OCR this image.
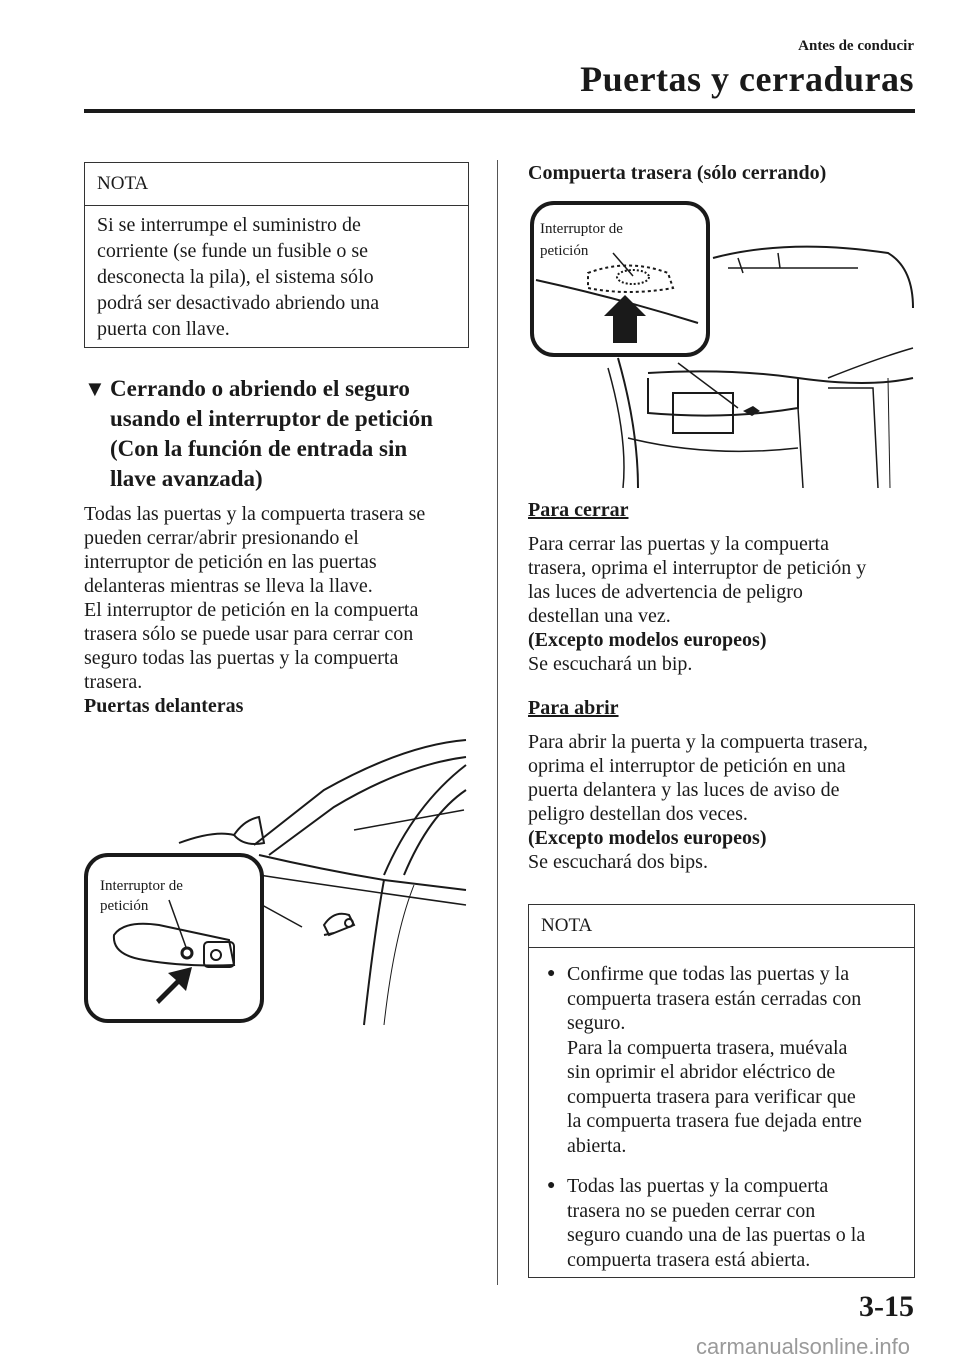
Antes de conducir
Puertas y cerraduras
NOTA
Si se interrumpe el suministro de
corriente (se funde un fusible o se
desconecta la pila), el sistema sólo
podrá ser desactivado abriendo una
puerta con llave.
▼ Cerrando o abriendo el seguro
usando el interruptor de petición
(Con la función de entrada sin
llave avanzada)
Todas las puertas y la compuerta trasera se
pueden cerrar/abrir presionando el
interruptor de petición en las puertas
delanteras mientras se lleva la llave.
El interruptor de petición en la compuerta
trasera sólo se puede usar para cerrar con
seguro todas las puertas y la compuerta
trasera.
Puertas delanteras
Interruptor de
petición
Compuerta trasera (sólo cerrando)
Interruptor de
petición
Para cerrar
Para cerrar las puertas y la compuerta
trasera, oprima el interruptor de petición y
las luces de advertencia de peligro
destellan una vez.
(Excepto modelos europeos)
Se escuchará un bip.
Para abrir
Para abrir la puerta y la compuerta trasera,
oprima el interruptor de petición en una
puerta delantera y las luces de aviso de
peligro destellan dos veces.
(Excepto modelos europeos)
Se escuchará dos bips.
NOTA
● Confirme que todas las puertas y la
compuerta trasera están cerradas con
seguro.
Para la compuerta trasera, muévala
sin oprimir el abridor eléctrico de
compuerta trasera para verificar que
la compuerta trasera fue dejada entre
abierta.
● Todas las puertas y la compuerta
trasera no se pueden cerrar con
seguro cuando una de las puertas o la
compuerta trasera está abierta.
3-15
carmanualsonline.info
